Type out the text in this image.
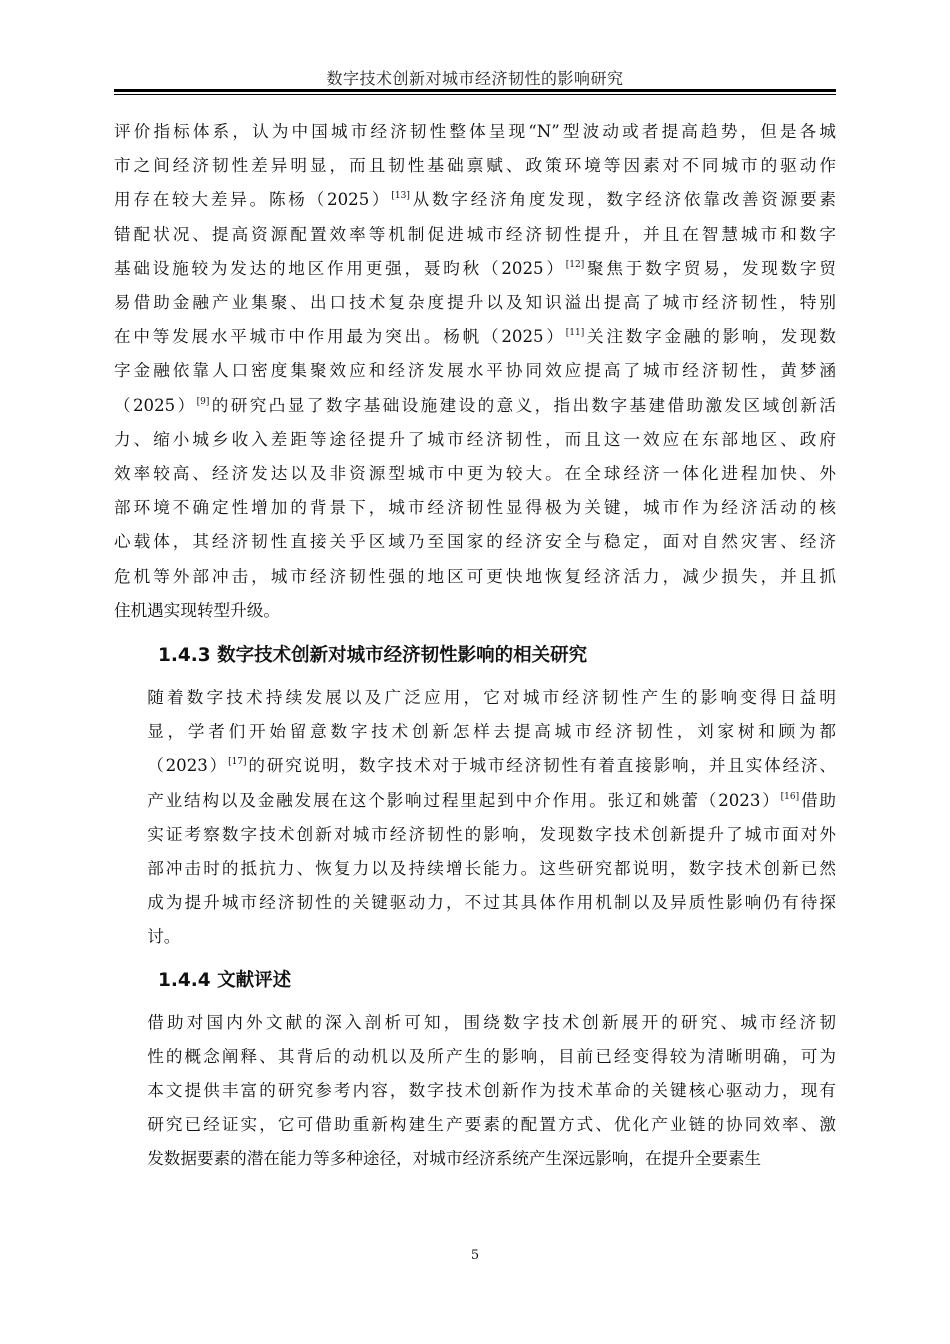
数字技术创新对城市经济韧性的影响研究
评价指标体系，认为中国城市经济韧性整体呈现“N”型波动或者提高趋势，但是各城
市之间经济韧性差异明显，而且韧性基础禀赋、政策环境等因素对不同城市的驱动作
用存在较大差异。陈杨（2025）[13]从数字经济角度发现，数字经济依靠改善资源要素
错配状况、提高资源配置效率等机制促进城市经济韧性提升，并且在智慧城市和数字
基础设施较为发达的地区作用更强，聂昀秋（2025）[12]聚焦于数字贸易，发现数字贸
易借助金融产业集聚、出口技术复杂度提升以及知识溢出提高了城市经济韧性，特别
在中等发展水平城市中作用最为突出。杨帆（2025）[11]关注数字金融的影响，发现数
字金融依靠人口密度集聚效应和经济发展水平协同效应提高了城市经济韧性，黄梦涵
（2025）[9]的研究凸显了数字基础设施建设的意义，指出数字基建借助激发区域创新活
力、缩小城乡收入差距等途径提升了城市经济韧性，而且这一效应在东部地区、政府
效率较高、经济发达以及非资源型城市中更为较大。在全球经济一体化进程加快、外
部环境不确定性增加的背景下，城市经济韧性显得极为关键，城市作为经济活动的核
心载体，其经济韧性直接关乎区域乃至国家的经济安全与稳定，面对自然灾害、经济
危机等外部冲击，城市经济韧性强的地区可更快地恢复经济活力，减少损失，并且抓
住机遇实现转型升级。
1.4.3 数字技术创新对城市经济韧性影响的相关研究
随着数字技术持续发展以及广泛应用，它对城市经济韧性产生的影响变得日益明
显，学者们开始留意数字技术创新怎样去提高城市经济韧性，刘家树和顾为都
（2023）[17]的研究说明，数字技术对于城市经济韧性有着直接影响，并且实体经济、
产业结构以及金融发展在这个影响过程里起到中介作用。张辽和姚蕾（2023）[16]借助
实证考察数字技术创新对城市经济韧性的影响，发现数字技术创新提升了城市面对外
部冲击时的抵抗力、恢复力以及持续增长能力。这些研究都说明，数字技术创新已然
成为提升城市经济韧性的关键驱动力，不过其具体作用机制以及异质性影响仍有待探
讨。
1.4.4 文献评述
借助对国内外文献的深入剖析可知，围绕数字技术创新展开的研究、城市经济韧
性的概念阐释、其背后的动机以及所产生的影响，目前已经变得较为清晰明确，可为
本文提供丰富的研究参考内容，数字技术创新作为技术革命的关键核心驱动力，现有
研究已经证实，它可借助重新构建生产要素的配置方式、优化产业链的协同效率、激
发数据要素的潜在能力等多种途径，对城市经济系统产生深远影响，在提升全要素生
5
